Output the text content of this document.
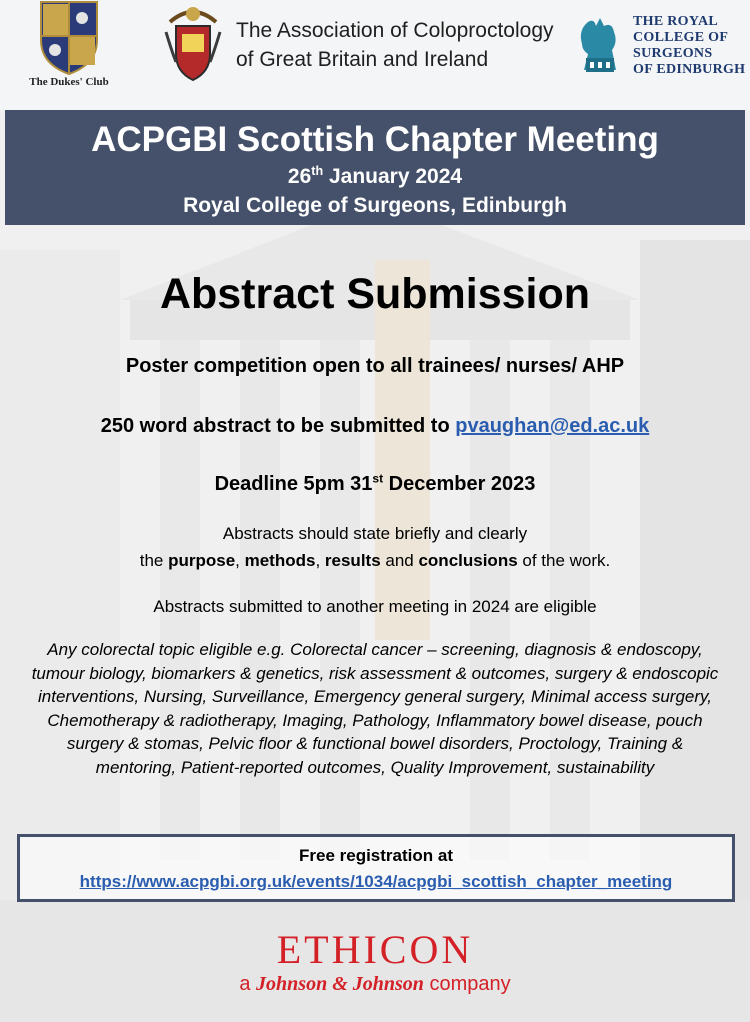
The Dukes' Club
The Association of Coloproctology
of Great Britain and Ireland
THE ROYAL
COLLEGE OF
SURGEONS
OF EDINBURGH
ACPGBI Scottish Chapter Meeting
26th January 2024
Royal College of Surgeons, Edinburgh
Abstract Submission
Poster competition open to all trainees/ nurses/ AHP
250 word abstract to be submitted to pvaughan@ed.ac.uk
Deadline 5pm 31st December 2023
Abstracts should state briefly and clearly
the purpose, methods, results and conclusions of the work.
Abstracts submitted to another meeting in 2024 are eligible
Any colorectal topic eligible e.g. Colorectal cancer – screening, diagnosis & endoscopy, tumour biology, biomarkers & genetics, risk assessment & outcomes, surgery & endoscopic interventions, Nursing, Surveillance, Emergency general surgery, Minimal access surgery, Chemotherapy & radiotherapy, Imaging, Pathology, Inflammatory bowel disease, pouch surgery & stomas, Pelvic floor & functional bowel disorders, Proctology, Training & mentoring, Patient-reported outcomes, Quality Improvement, sustainability
Free registration at
https://www.acpgbi.org.uk/events/1034/acpgbi_scottish_chapter_meeting
ETHICON
a Johnson & Johnson company
